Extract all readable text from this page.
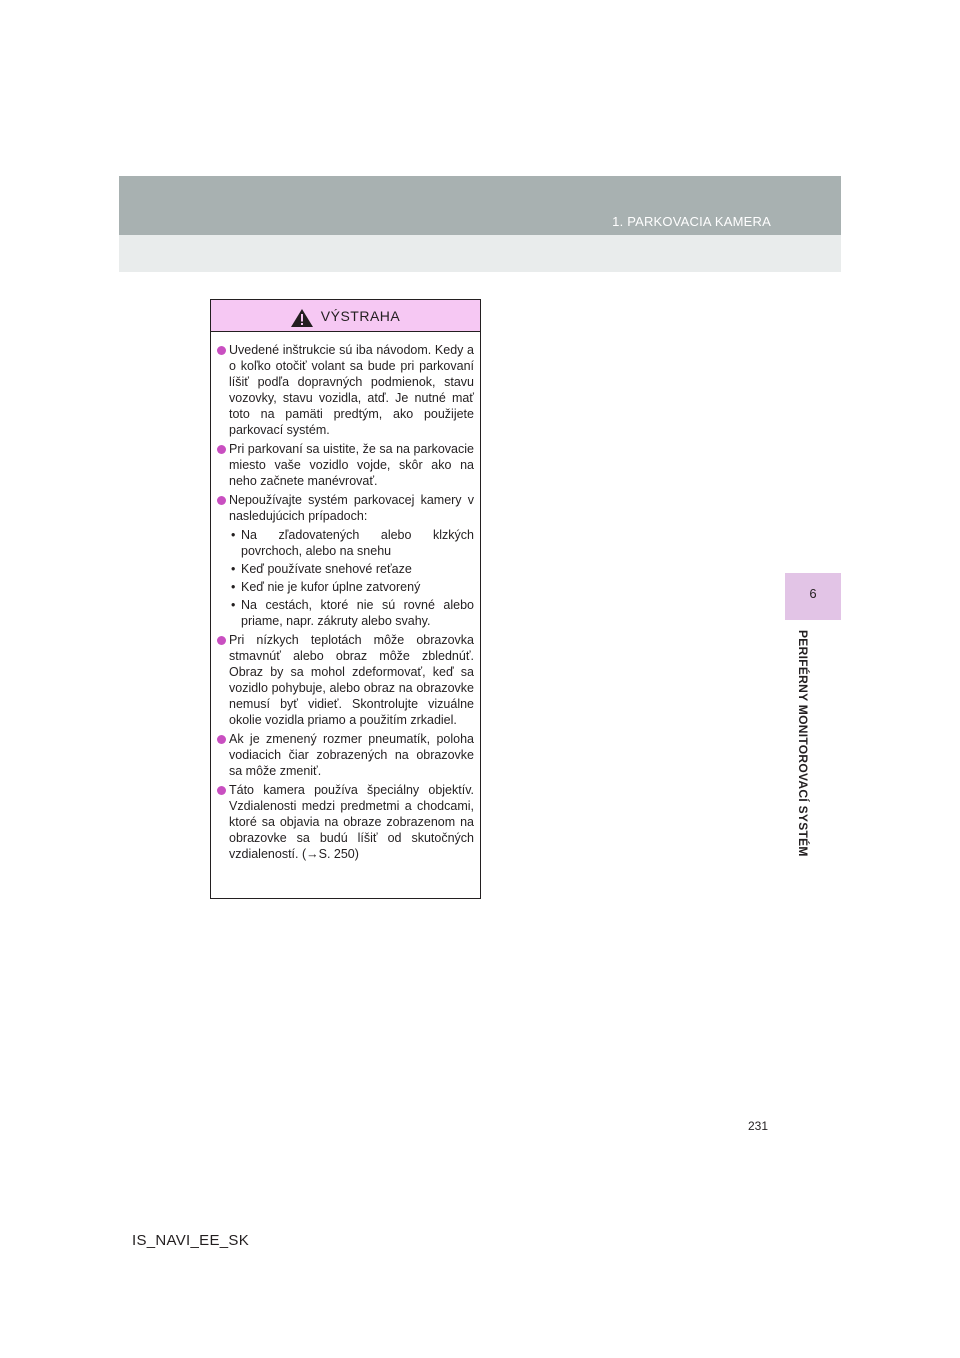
1. PARKOVACIA KAMERA
6
PERIFÉRNY MONITOROVACÍ SYSTÉM
VÝSTRAHA
Uvedené inštrukcie sú iba návodom. Kedy a o koľko otočiť volant sa bude pri parkovaní líšiť podľa dopravných podmienok, stavu vozovky, stavu vozidla, atď. Je nutné mať toto na pamäti predtým, ako použijete parkovací systém.
Pri parkovaní sa uistite, že sa na parkovacie miesto vaše vozidlo vojde, skôr ako na neho začnete manévrovať.
Nepoužívajte systém parkovacej kamery v nasledujúcich prípadoch:
• Na zľadovatených alebo klzkých povrchoch, alebo na snehu
• Keď používate snehové reťaze
• Keď nie je kufor úplne zatvorený
• Na cestách, ktoré nie sú rovné alebo priame, napr. zákruty alebo svahy.
Pri nízkych teplotách môže obrazovka stmavnúť alebo obraz môže zblednúť. Obraz by sa mohol zdeformovať, keď sa vozidlo pohybuje, alebo obraz na obrazovke nemusí byť vidieť. Skontrolujte vizuálne okolie vozidla priamo a použitím zrkadiel.
Ak je zmenený rozmer pneumatík, poloha vodiacich čiar zobrazených na obrazovke sa môže zmeniť.
Táto kamera používa špeciálny objektív. Vzdialenosti medzi predmetmi a chodcami, ktoré sa objavia na obraze zobrazenom na obrazovke sa budú líšiť od skutočných vzdialeností. (→S. 250)
231
IS_NAVI_EE_SK
